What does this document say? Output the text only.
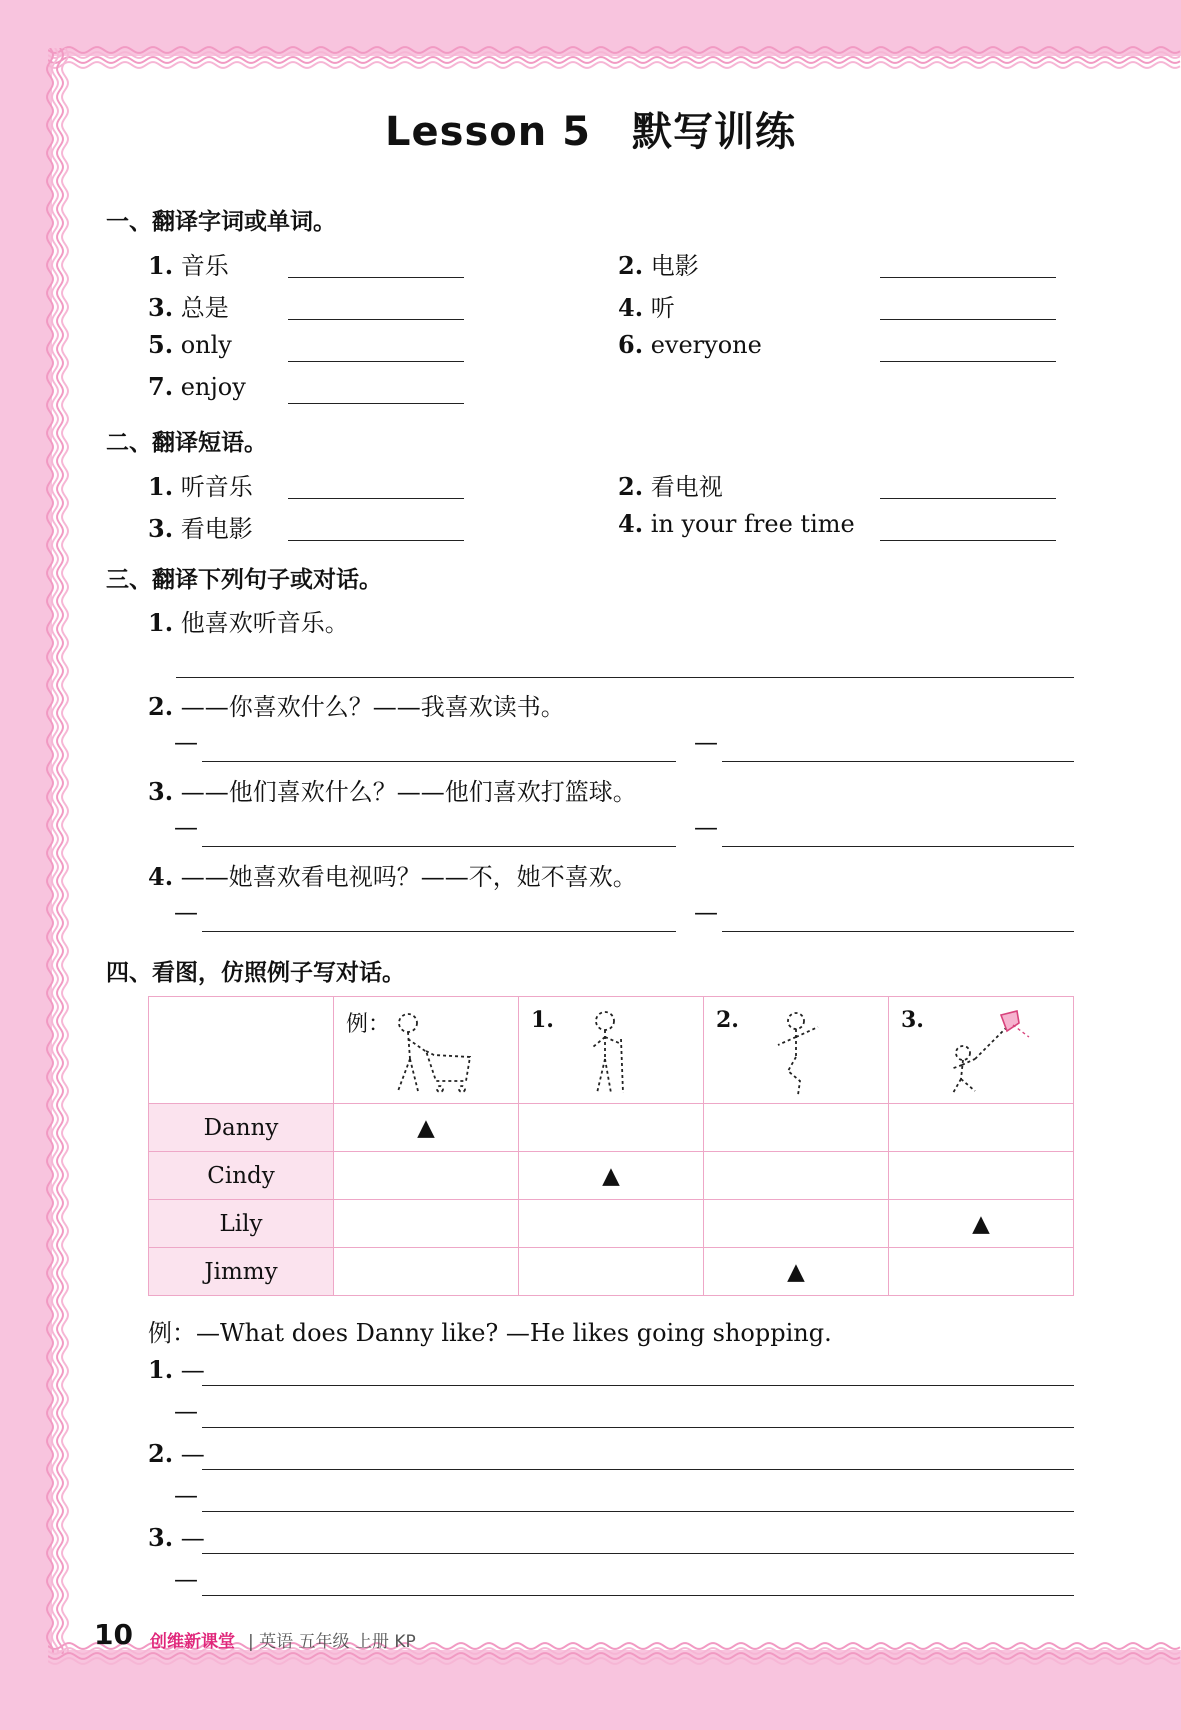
Lesson 5　默写训练
一、翻译字词或单词。
1. 音乐	2. 电影
3. 总是	4. 听
5. only	6. everyone
7. enjoy
二、翻译短语。
1. 听音乐	2. 看电视
3. 看电影	4. in your free time
三、翻译下列句子或对话。
1. 他喜欢听音乐。
2. ——你喜欢什么？——我喜欢读书。
—	—
3. ——他们喜欢什么？——他们喜欢打篮球。
—	—
4. ——她喜欢看电视吗？——不，她不喜欢。
—	—
四、看图，仿照例子写对话。

	例：	1.	2.	3.

Danny	▲			
Cindy		▲		
Lily				▲
Jimmy			▲	
例：—What does Danny like? —He likes going shopping.
1. —
—
2. —
—
3. —
—
10 创维新课堂 | 英语 五年级 上册 KP
